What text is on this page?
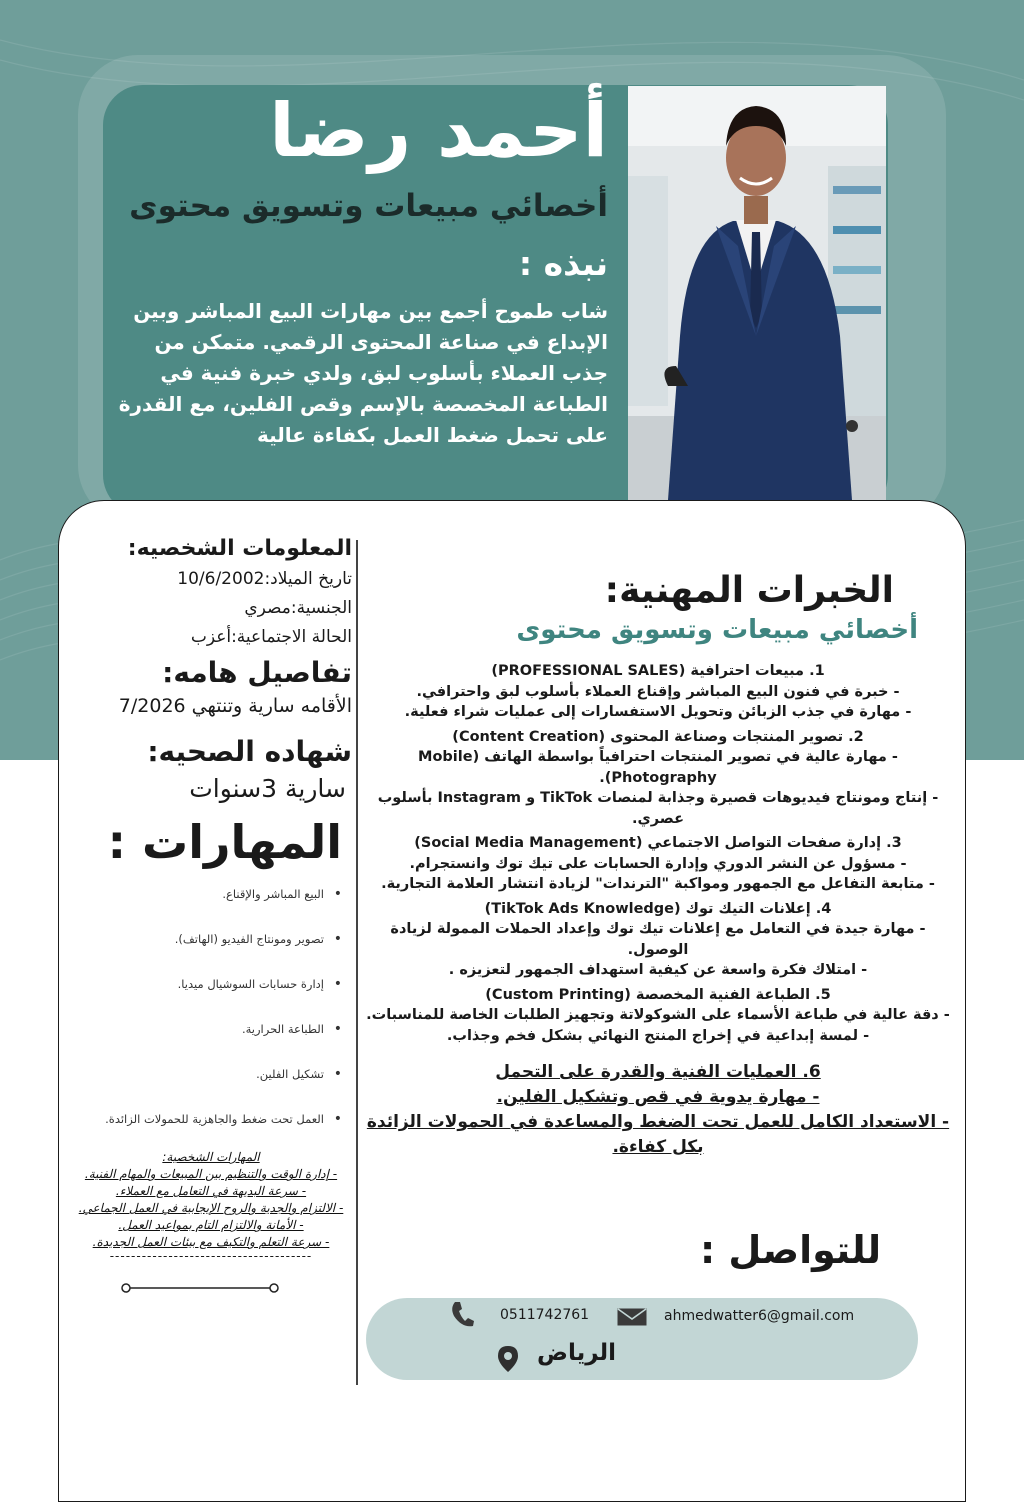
أحمد رضا
أخصائي مبيعات وتسويق محتوى
نبذه :
شاب طموح أجمع بين مهارات البيع المباشر وبين الإبداع في صناعة المحتوى الرقمي. متمكن من جذب العملاء بأسلوب لبق، ولدي خبرة فنية في الطباعة المخصصة بالإسم وقص الفلين، مع القدرة على تحمل ضغط العمل بكفاءة عالية
المعلومات الشخصيه:
تاريخ الميلاد:10/6/2002
الجنسية:مصري
الحالة الاجتماعية:أعزب
تفاصيل هامه:
الأقامه سارية وتنتهي 7/2026
شهاده الصحيه:
سارية 3سنوات
المهارات :
• البيع المباشر والإقناع.
• تصوير ومونتاج الفيديو (الهاتف).
• إدارة حسابات السوشيال ميديا.
• الطباعة الحرارية.
• تشكيل الفلين.
• العمل تحت ضغط والجاهزية للحمولات الزائدة.
المهارات الشخصية:
- إدارة الوقت والتنظيم بين المبيعات والمهام الفنية.
- سرعة البديهة في التعامل مع العملاء.
- الالتزام والجدية والروح الإيجابية في العمل الجماعي.
- الأمانة والالتزام التام بمواعيد العمل.
- سرعة التعلم والتكيف مع بيئات العمل الجديدة.
--------------------------------------
الخبرات المهنية:
أخصائي مبيعات وتسويق محتوى
1. مبيعات احترافية (PROFESSIONAL SALES)
- خبرة في فنون البيع المباشر وإقناع العملاء بأسلوب لبق واحترافي.
- مهارة في جذب الزبائن وتحويل الاستفسارات إلى عمليات شراء فعلية.
2. تصوير المنتجات وصناعة المحتوى (Content Creation)
- مهارة عالية في تصوير المنتجات احترافياً بواسطة الهاتف (Mobile Photography).
- إنتاج ومونتاج فيديوهات قصيرة وجذابة لمنصات TikTok و Instagram بأسلوب عصري.
3. إدارة صفحات التواصل الاجتماعي (Social Media Management)
- مسؤول عن النشر الدوري وإدارة الحسابات على تيك توك وانستجرام.
- متابعة التفاعل مع الجمهور ومواكبة "الترندات" لزيادة انتشار العلامة التجارية.
4. إعلانات التيك توك (TikTok Ads Knowledge)
- مهارة جيدة في التعامل مع إعلانات تيك توك وإعداد الحملات الممولة لزيادة الوصول.
- امتلاك فكرة واسعة عن كيفية استهداف الجمهور لتعزيزه .
5. الطباعة الفنية المخصصة (Custom Printing)
- دقة عالية في طباعة الأسماء على الشوكولاتة وتجهيز الطلبات الخاصة للمناسبات.
- لمسة إبداعية في إخراج المنتج النهائي بشكل فخم وجذاب.
6. العمليات الفنية والقدرة على التحمل
- مهارة يدوية في قص وتشكيل الفلين.
- الاستعداد الكامل للعمل تحت الضغط والمساعدة في الحمولات الزائدة بكل كفاءة.
للتواصل :
0511742761	ahmedwatter6@gmail.com
الرياض
